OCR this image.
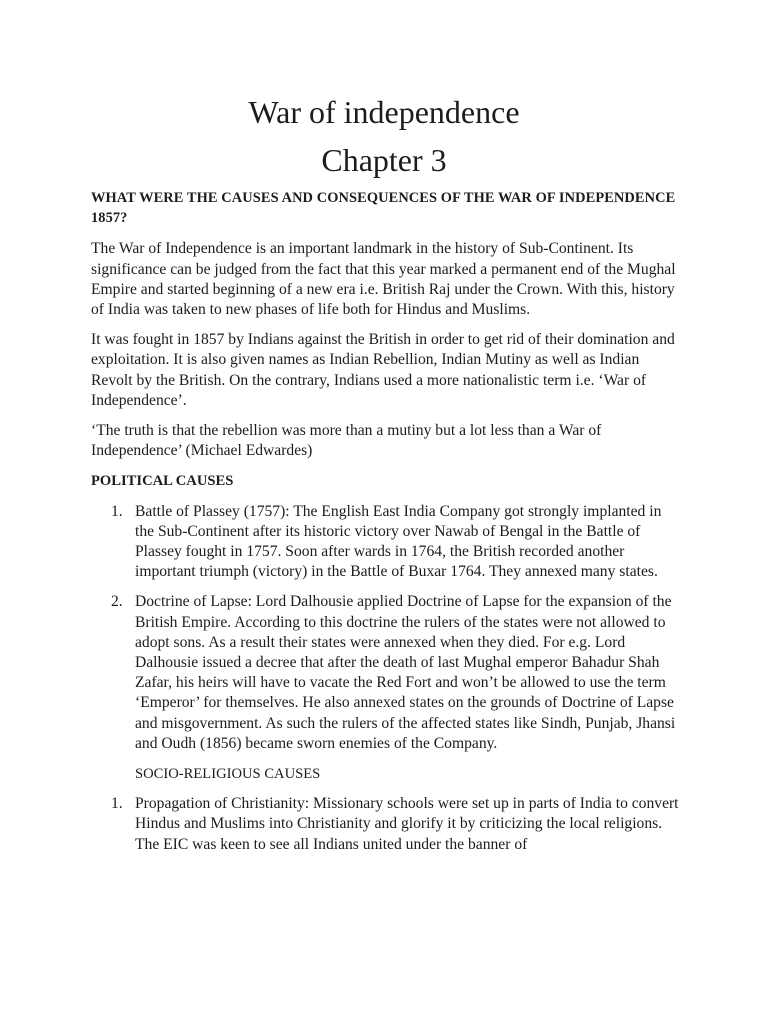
War of independence
Chapter 3

WHAT WERE THE CAUSES AND CONSEQUENCES OF THE WAR OF INDEPENDENCE 1857?

The War of Independence is an important landmark in the history of Sub-Continent. Its significance can be judged from the fact that this year marked a permanent end of the Mughal Empire and started beginning of a new era i.e. British Raj under the Crown. With this, history of India was taken to new phases of life both for Hindus and Muslims.

It was fought in 1857 by Indians against the British in order to get rid of their domination and exploitation. It is also given names as Indian Rebellion, Indian Mutiny as well as Indian Revolt by the British. On the contrary, Indians used a more nationalistic term i.e. ‘War of Independence’.

‘The truth is that the rebellion was more than a mutiny but a lot less than a War of Independence’ (Michael Edwardes)

POLITICAL CAUSES

1. Battle of Plassey (1757): The English East India Company got strongly implanted in the Sub-Continent after its historic victory over Nawab of Bengal in the Battle of Plassey fought in 1757. Soon after wards in 1764, the British recorded another important triumph (victory) in the Battle of Buxar 1764. They annexed many states.
2. Doctrine of Lapse: Lord Dalhousie applied Doctrine of Lapse for the expansion of the British Empire. According to this doctrine the rulers of the states were not allowed to adopt sons. As a result their states were annexed when they died. For e.g. Lord Dalhousie issued a decree that after the death of last Mughal emperor Bahadur Shah Zafar, his heirs will have to vacate the Red Fort and won’t be allowed to use the term ‘Emperor’ for themselves. He also annexed states on the grounds of Doctrine of Lapse and misgovernment. As such the rulers of the affected states like Sindh, Punjab, Jhansi and Oudh (1856) became sworn enemies of the Company.

SOCIO-RELIGIOUS CAUSES

1. Propagation of Christianity: Missionary schools were set up in parts of India to convert Hindus and Muslims into Christianity and glorify it by criticizing the local religions. The EIC was keen to see all Indians united under the banner of
